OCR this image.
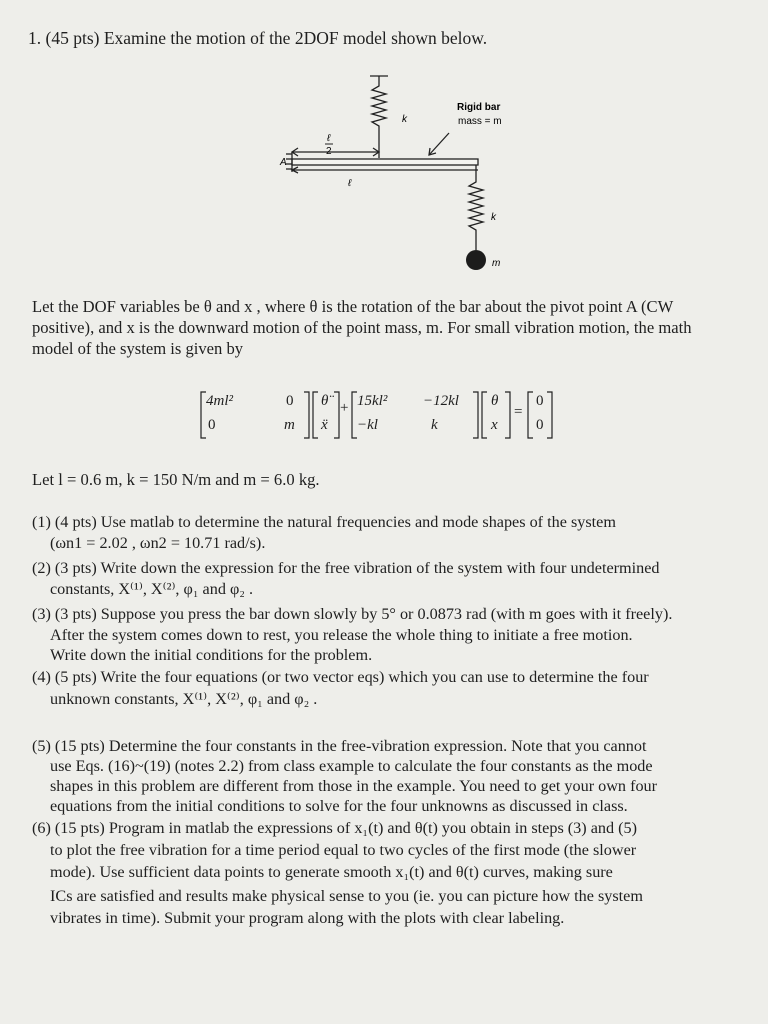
1. (45 pts) Examine the motion of the 2DOF model shown below.
Rigid bar
mass = m
k
k
ℓ
2
A
ℓ
m
Let the DOF variables be θ and x , where θ is the rotation of the bar about the pivot point A (CW
positive), and x is the downward motion of the point mass, m. For small vibration motion, the math
model of the system is given by
4ml²	0
0	m
θ̈
ẍ
+ 15kl² −12kl
−kl	k
θ
x
=
0
0
Let l = 0.6 m, k = 150 N/m and m = 6.0 kg.
(1) (4 pts) Use matlab to determine the natural frequencies and mode shapes of the system
(ωn1 = 2.02 , ωn2 = 10.71 rad/s).
(2) (3 pts) Write down the expression for the free vibration of the system with four undetermined
constants, X⁽¹⁾, X⁽²⁾, φ₁ and φ₂ .
(3) (3 pts) Suppose you press the bar down slowly by 5° or 0.0873 rad (with m goes with it freely).
After the system comes down to rest, you release the whole thing to initiate a free motion.
Write down the initial conditions for the problem.
(4) (5 pts) Write the four equations (or two vector eqs) which you can use to determine the four
unknown constants, X⁽¹⁾, X⁽²⁾, φ₁ and φ₂ .
(5) (15 pts) Determine the four constants in the free-vibration expression. Note that you cannot
use Eqs. (16)~(19) (notes 2.2) from class example to calculate the four constants as the mode
shapes in this problem are different from those in the example. You need to get your own four
equations from the initial conditions to solve for the four unknowns as discussed in class.
(6) (15 pts) Program in matlab the expressions of x₁(t) and θ(t) you obtain in steps (3) and (5)
to plot the free vibration for a time period equal to two cycles of the first mode (the slower
mode). Use sufficient data points to generate smooth x₁(t) and θ(t) curves, making sure
ICs are satisfied and results make physical sense to you (ie. you can picture how the system
vibrates in time). Submit your program along with the plots with clear labeling.
